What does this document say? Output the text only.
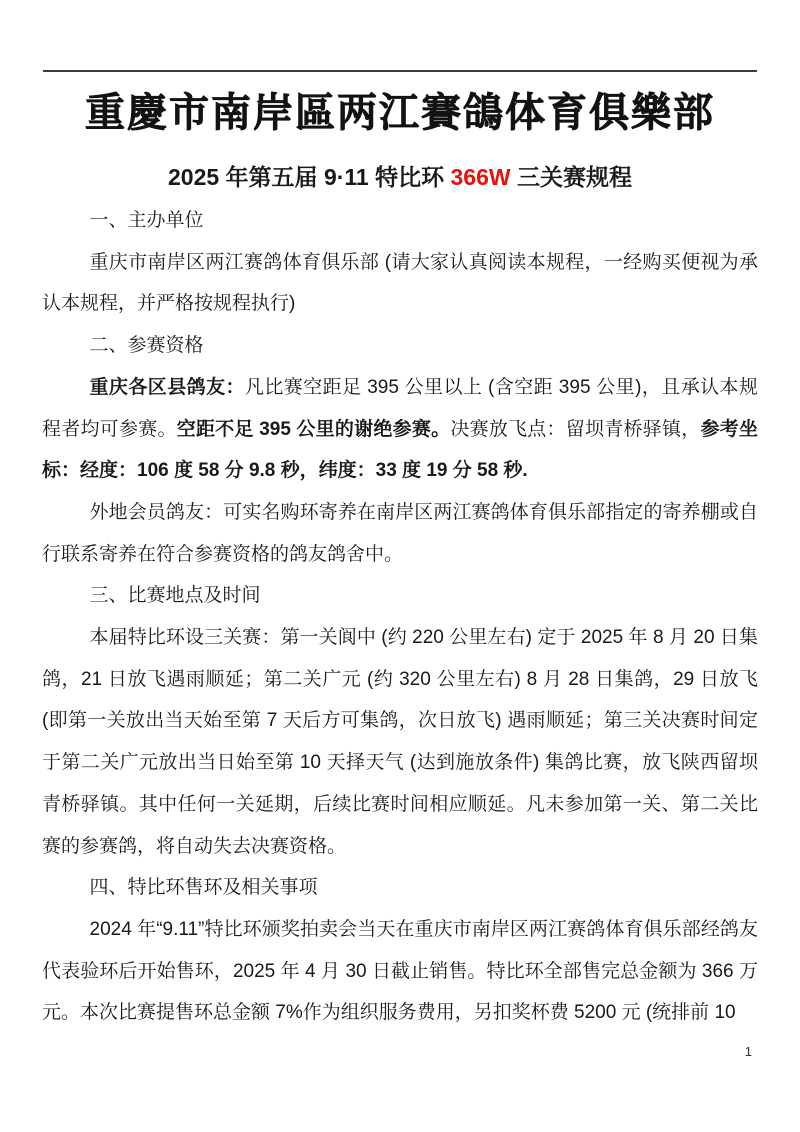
重慶市南岸區两江賽鴿体育俱樂部
2025 年第五届 9·11 特比环 366W 三关赛规程

一、主办单位

重庆市南岸区两江赛鸽体育俱乐部 (请大家认真阅读本规程，一经购买便视为承认本规程，并严格按规程执行)

二、参赛资格

重庆各区县鸽友：凡比赛空距足 395 公里以上 (含空距 395 公里)，且承认本规程者均可参赛。空距不足 395 公里的谢绝参赛。决赛放飞点：留坝青桥驿镇，参考坐标：经度：106 度 58 分 9.8 秒，纬度：33 度 19 分 58 秒.

外地会员鸽友：可实名购环寄养在南岸区两江赛鸽体育俱乐部指定的寄养棚或自行联系寄养在符合参赛资格的鸽友鸽舍中。

三、比赛地点及时间

本届特比环设三关赛：第一关阆中 (约 220 公里左右) 定于 2025 年 8 月 20 日集鸽，21 日放飞遇雨顺延；第二关广元 (约 320 公里左右) 8 月 28 日集鸽，29 日放飞 (即第一关放出当天始至第 7 天后方可集鸽，次日放飞) 遇雨顺延；第三关决赛时间定于第二关广元放出当日始至第 10 天择天气 (达到施放条件) 集鸽比赛，放飞陕西留坝青桥驿镇。其中任何一关延期，后续比赛时间相应顺延。凡未参加第一关、第二关比赛的参赛鸽，将自动失去决赛资格。

四、特比环售环及相关事项

2024 年“9.11”特比环颁奖拍卖会当天在重庆市南岸区两江赛鸽体育俱乐部经鸽友代表验环后开始售环，2025 年 4 月 30 日截止销售。特比环全部售完总金额为 366 万元。本次比赛提售环总金额 7%作为组织服务费用，另扣奖杯费 5200 元 (统排前 10

1
